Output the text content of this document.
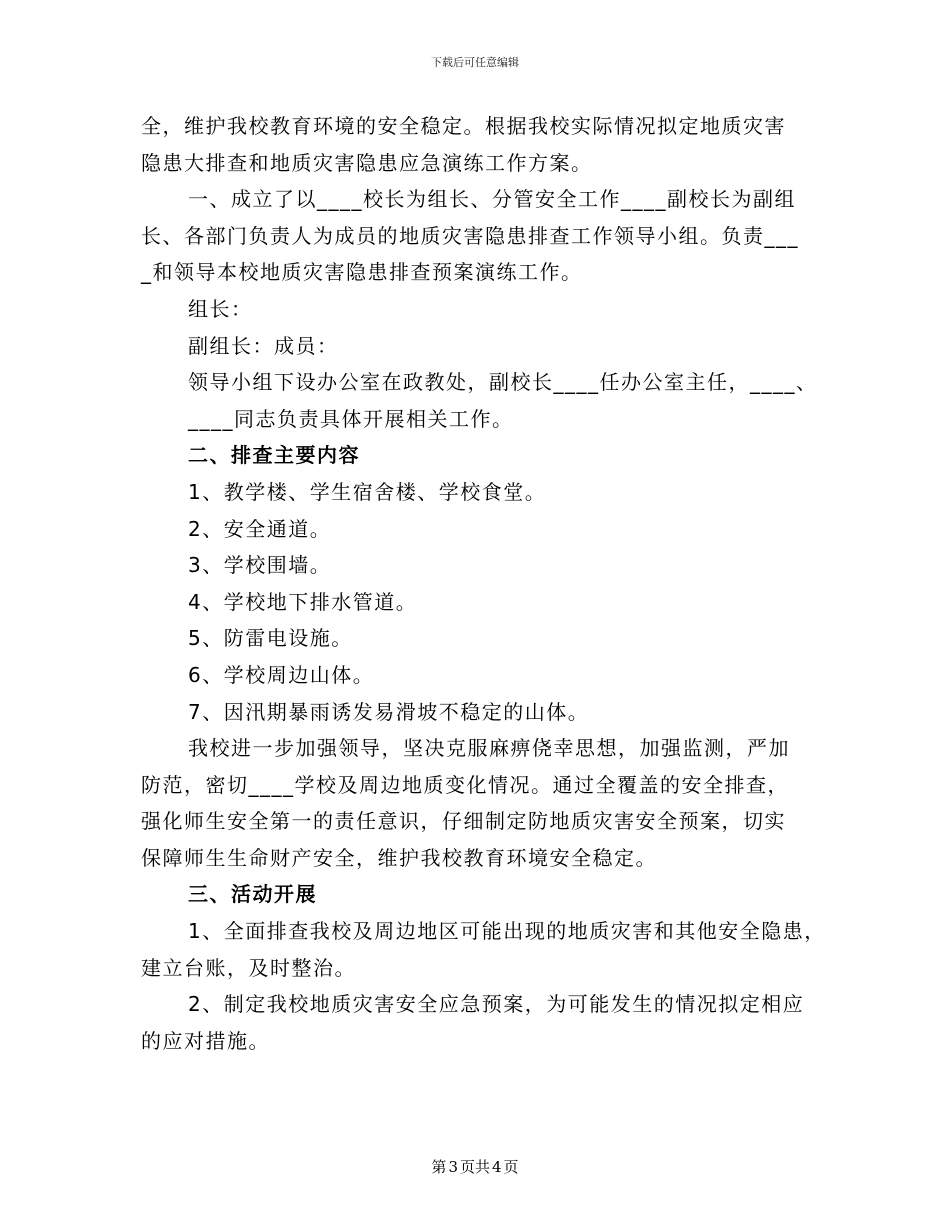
下载后可任意编辑
全，维护我校教育环境的安全稳定。根据我校实际情况拟定地质灾害
隐患大排查和地质灾害隐患应急演练工作方案。
一、成立了以____校长为组长、分管安全工作____副校长为副组
长、各部门负责人为成员的地质灾害隐患排查工作领导小组。负责___
_和领导本校地质灾害隐患排查预案演练工作。
组长：
副组长：成员：
领导小组下设办公室在政教处，副校长____任办公室主任，____、
____同志负责具体开展相关工作。
二、排查主要内容
1、教学楼、学生宿舍楼、学校食堂。
2、安全通道。
3、学校围墙。
4、学校地下排水管道。
5、防雷电设施。
6、学校周边山体。
7、因汛期暴雨诱发易滑坡不稳定的山体。
我校进一步加强领导，坚决克服麻痹侥幸思想，加强监测，严加
防范，密切____学校及周边地质变化情况。通过全覆盖的安全排查，
强化师生安全第一的责任意识，仔细制定防地质灾害安全预案，切实
保障师生生命财产安全，维护我校教育环境安全稳定。
三、活动开展
1、全面排查我校及周边地区可能出现的地质灾害和其他安全隐患，
建立台账，及时整治。
2、制定我校地质灾害安全应急预案，为可能发生的情况拟定相应
的应对措施。
第 3 页共 4 页
